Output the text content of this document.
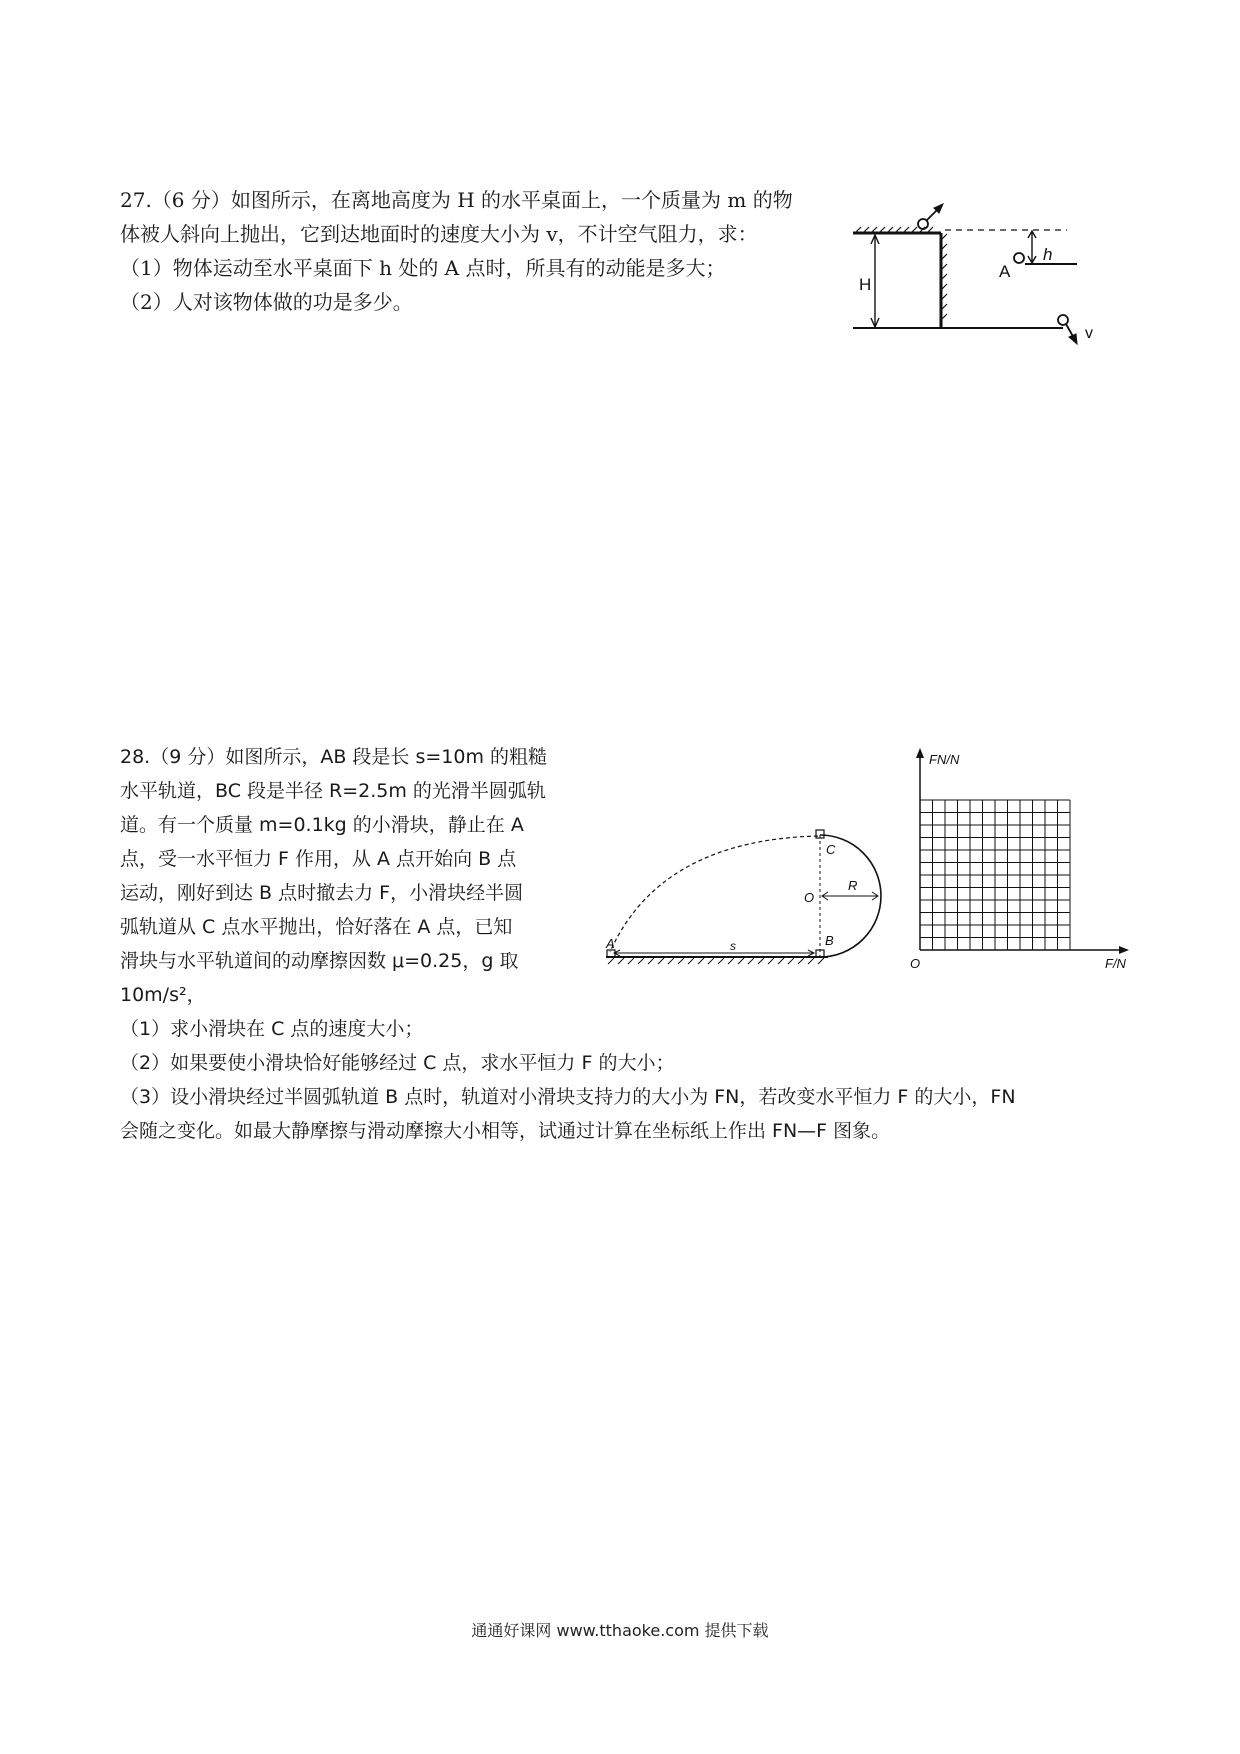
27.（6 分）如图所示，在离地高度为 H 的水平桌面上，一个质量为 m 的物
体被人斜向上抛出，它到达地面时的速度大小为 v，不计空气阻力，求：
（1）物体运动至水平桌面下 h 处的 A 点时，所具有的动能是多大；
（2）人对该物体做的功是多少。
H
h
A
v
28.（9 分）如图所示，AB 段是长 s=10m 的粗糙
水平轨道，BC 段是半径 R=2.5m 的光滑半圆弧轨
道。有一个质量 m=0.1kg 的小滑块，静止在 A
点，受一水平恒力 F 作用，从 A 点开始向 B 点
运动，刚好到达 B 点时撤去力 F，小滑块经半圆
弧轨道从 C 点水平抛出，恰好落在 A 点，已知
滑块与水平轨道间的动摩擦因数 μ=0.25，g 取
10m/s²，
（1）求小滑块在 C 点的速度大小；
（2）如果要使小滑块恰好能够经过 C 点，求水平恒力 F 的大小；
（3）设小滑块经过半圆弧轨道 B 点时，轨道对小滑块支持力的大小为 FN，若改变水平恒力 F 的大小，FN
会随之变化。如最大静摩擦与滑动摩擦大小相等，试通过计算在坐标纸上作出 FN—F 图象。
A	B
C
O
R
s
FN/N
F/N
O
通通好课网 www.tthaoke.com 提供下载
